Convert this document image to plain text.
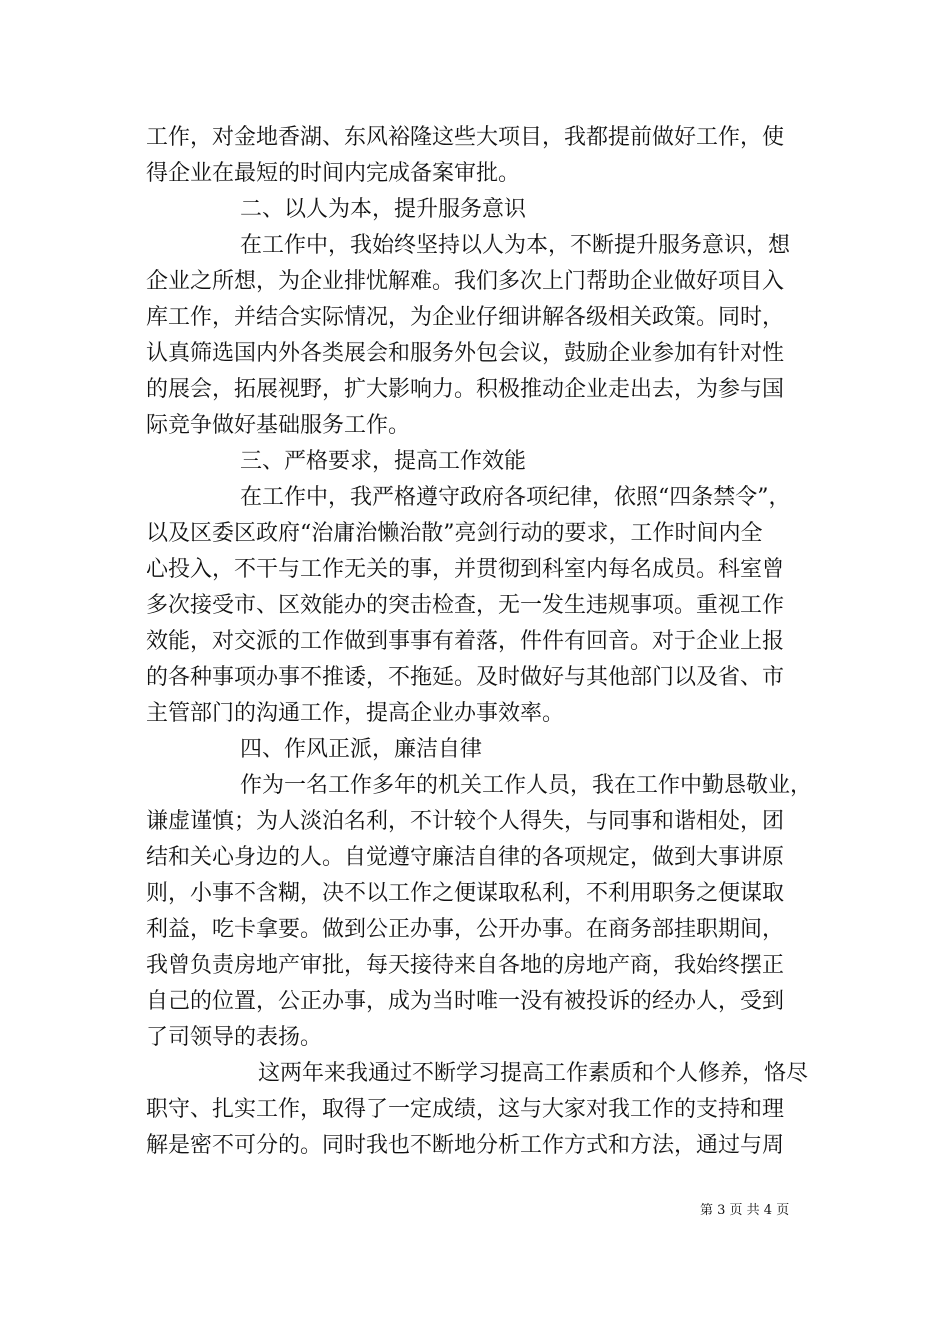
工作，对金地香湖、东风裕隆这些大项目，我都提前做好工作，使
得企业在最短的时间内完成备案审批。
二、以人为本，提升服务意识
在工作中，我始终坚持以人为本，不断提升服务意识，想
企业之所想，为企业排忧解难。我们多次上门帮助企业做好项目入
库工作，并结合实际情况，为企业仔细讲解各级相关政策。同时，
认真筛选国内外各类展会和服务外包会议，鼓励企业参加有针对性
的展会，拓展视野，扩大影响力。积极推动企业走出去，为参与国
际竞争做好基础服务工作。
三、严格要求，提高工作效能
在工作中，我严格遵守政府各项纪律，依照“四条禁令”，
以及区委区政府“治庸治懒治散”亮剑行动的要求，工作时间内全
心投入，不干与工作无关的事，并贯彻到科室内每名成员。科室曾
多次接受市、区效能办的突击检查，无一发生违规事项。重视工作
效能，对交派的工作做到事事有着落，件件有回音。对于企业上报
的各种事项办事不推诿，不拖延。及时做好与其他部门以及省、市
主管部门的沟通工作，提高企业办事效率。
四、作风正派，廉洁自律
作为一名工作多年的机关工作人员，我在工作中勤恳敬业，
谦虚谨慎；为人淡泊名利，不计较个人得失，与同事和谐相处，团
结和关心身边的人。自觉遵守廉洁自律的各项规定，做到大事讲原
则，小事不含糊，决不以工作之便谋取私利，不利用职务之便谋取
利益，吃卡拿要。做到公正办事，公开办事。在商务部挂职期间，
我曾负责房地产审批，每天接待来自各地的房地产商，我始终摆正
自己的位置，公正办事，成为当时唯一没有被投诉的经办人，受到
了司领导的表扬。
这两年来我通过不断学习提高工作素质和个人修养，恪尽
职守、扎实工作，取得了一定成绩，这与大家对我工作的支持和理
解是密不可分的。同时我也不断地分析工作方式和方法，通过与周
第 3 页 共 4 页
